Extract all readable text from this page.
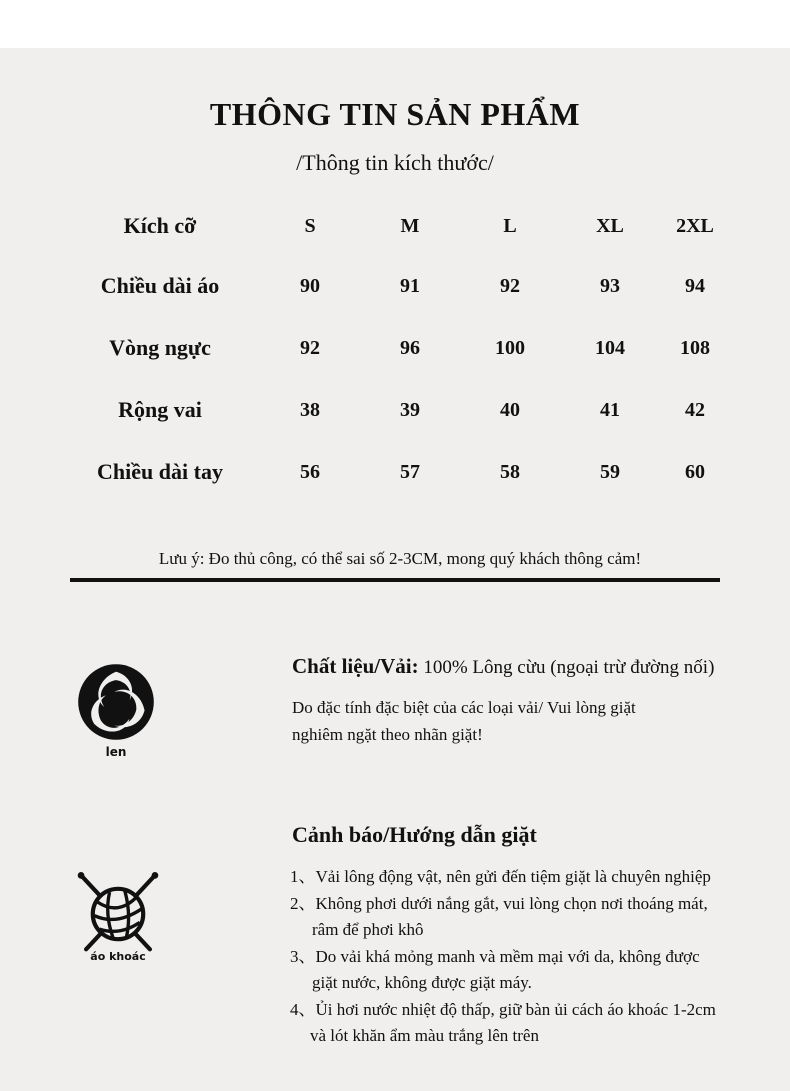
THÔNG TIN SẢN PHẨM
/Thông tin kích thước/
Kích cỡ	S	M	L	XL	2XL
Chiều dài áo	90	91	92	93	94
Vòng ngực	92	96	100	104	108
Rộng vai	38	39	40	41	42
Chiều dài tay	56	57	58	59	60
Lưu ý: Đo thủ công, có thể sai số 2-3CM, mong quý khách thông cảm!
len
Chất liệu/Vải: 100% Lông cừu (ngoại trừ đường nối)
Do đặc tính đặc biệt của các loại vải/ Vui lòng giặt
nghiêm ngặt theo nhãn giặt!
áo khoác
Cảnh báo/Hướng dẫn giặt
1、Vải lông động vật, nên gửi đến tiệm giặt là chuyên nghiệp
2、Không phơi dưới nắng gắt, vui lòng chọn nơi thoáng mát,
râm để phơi khô
3、Do vải khá mỏng manh và mềm mại với da, không được
giặt nước, không được giặt máy.
4、Ủi hơi nước nhiệt độ thấp, giữ bàn ủi cách áo khoác 1-2cm
và lót khăn ẩm màu trắng lên trên
